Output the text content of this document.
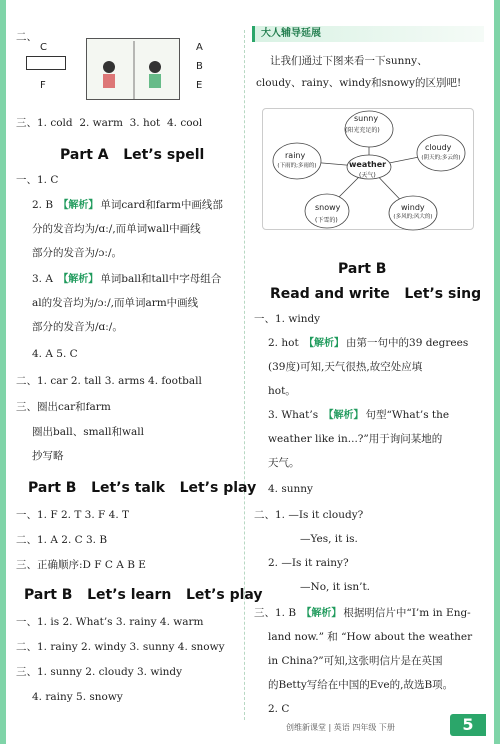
二、
C
F
A
B
E
三、1. cold 2. warm 3. hot 4. cool
Part A   Let’s spell
一、1. C
2. B 【 解析 】 单词card和farm中画线部
分的发音均为/ɑː/,而单词wall中画线
部分的发音为/ɔː/。
3. A 【 解析 】 单词ball和tall中字母组合
al的发音均为/ɔː/,而单词arm中画线
部分的发音为/ɑː/。
4. A 5. C
二、1. car 2. tall 3. arms 4. football
三、圈出car和farm
圈出ball、small和wall
抄写略
Part B   Let’s talk   Let’s play
一、1. F 2. T 3. F 4. T
二、1. A 2. C 3. B
三、正确顺序:D F C A B E
Part B   Let’s learn   Let’s play
一、1. is 2. What’s 3. rainy 4. warm
二、1. rainy 2. windy 3. sunny 4. snowy
三、1. sunny 2. cloudy 3. windy
4. rainy 5. snowy
大人辅导延展
让我们通过下图来看一下sunny、
cloudy、rainy、windy和snowy的区别吧!
sunny
(阳光充足的)
rainy
(下雨的;多雨的)
cloudy
(阴天的;多云的)
weather
(天气)
snowy
(下雪的)
windy
(多风的;风大的)
Part B
Read and write   Let’s sing
一、1. windy
2. hot 【 解析 】 由第一句中的39 degrees
(39度)可知,天气很热,故空处应填
hot。
3. What’s 【 解析 】 句型“What’s the
weather like in...?”用于询问某地的
天气。
4. sunny
二、1. —Is it cloudy?
—Yes, it is.
2. —Is it rainy?
—No, it isn’t.
三、1. B 【 解析 】 根据明信片中“I’m in Eng-
land now.” 和 “How about the weather
in China?”可知,这张明信片是在英国
的Betty写给在中国的Eve的,故选B项。
2. C
创维新课堂 | 英语 四年级 下册	5
